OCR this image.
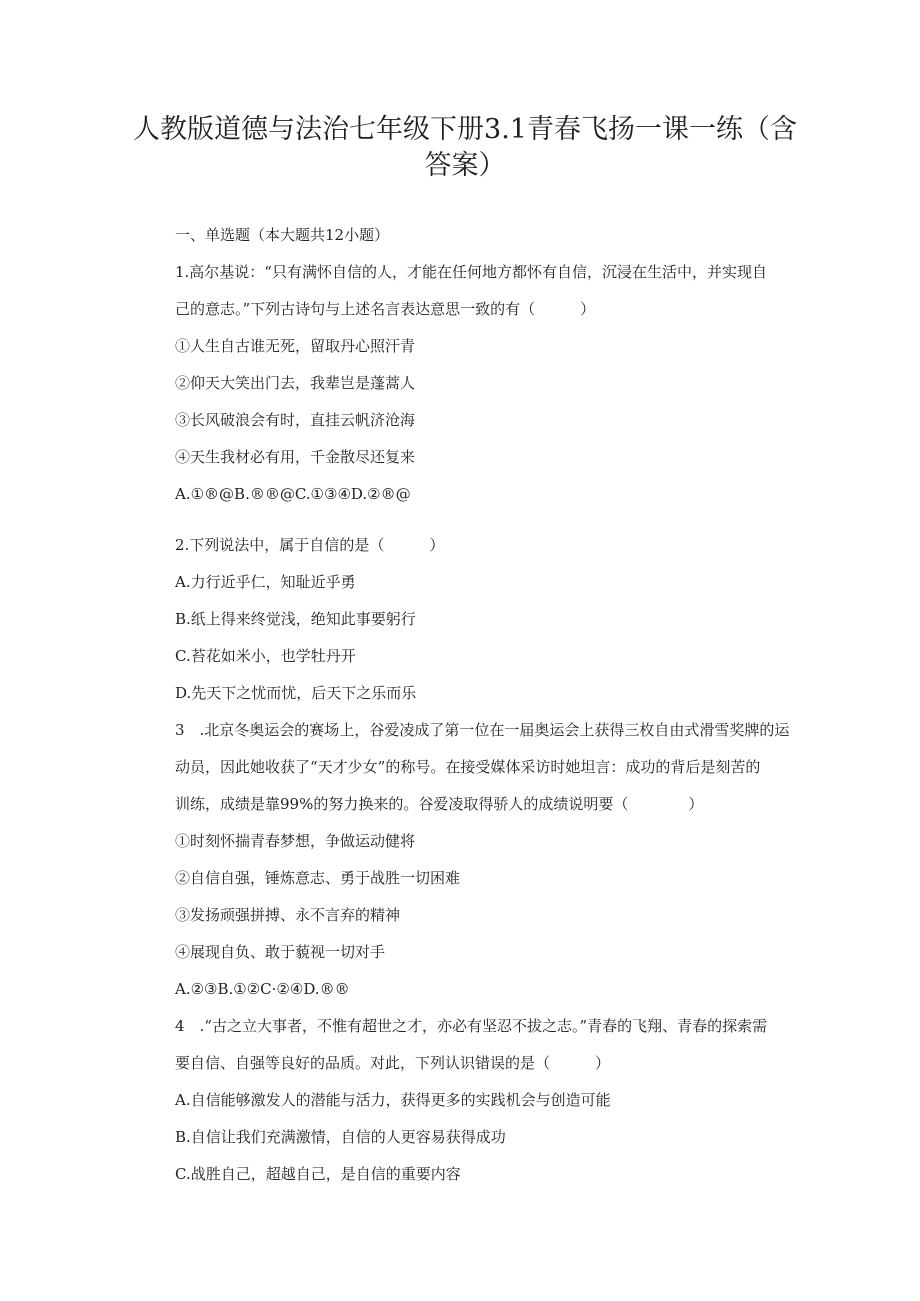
人教版道德与法治七年级下册3.1青春飞扬一课一练（含答案）
一、单选题（本大题共12小题）
1.高尔基说：“只有满怀自信的人，才能在任何地方都怀有自信，沉浸在生活中，并实现自
己的意志。”下列古诗句与上述名言表达意思一致的有（　　　）
①人生自古谁无死，留取丹心照汗青
②仰天大笑出门去，我辈岂是蓬蒿人
③长风破浪会有时，直挂云帆济沧海
④天生我材必有用，千金散尽还复来
A.①®@B.®®@C.①③④D.②®@
2.下列说法中，属于自信的是（　　　）
A.力行近乎仁，知耻近乎勇
B.纸上得来终觉浅，绝知此事要躬行
C.苔花如米小，也学牡丹开
D.先天下之忧而忧，后天下之乐而乐
3　.北京冬奥运会的赛场上，谷爱凌成了第一位在一届奥运会上获得三枚自由式滑雪奖牌的运
动员，因此她收获了“天才少女”的称号。在接受媒体采访时她坦言：成功的背后是刻苦的
训练，成绩是靠99%的努力换来的。谷爱凌取得骄人的成绩说明要（　　　　）
①时刻怀揣青春梦想，争做运动健将
②自信自强，锤炼意志、勇于战胜一切困难
③发扬顽强拼搏、永不言弃的精神
④展现自负、敢于藐视一切对手
A.②③B.①②C·②④D.®®
4　.“古之立大事者，不惟有超世之才，亦必有坚忍不拔之志。”青春的飞翔、青春的探索需
要自信、自强等良好的品质。对此，下列认识错误的是（　　　）
A.自信能够激发人的潜能与活力，获得更多的实践机会与创造可能
B.自信让我们充满激情，自信的人更容易获得成功
C.战胜自己，超越自己，是自信的重要内容
